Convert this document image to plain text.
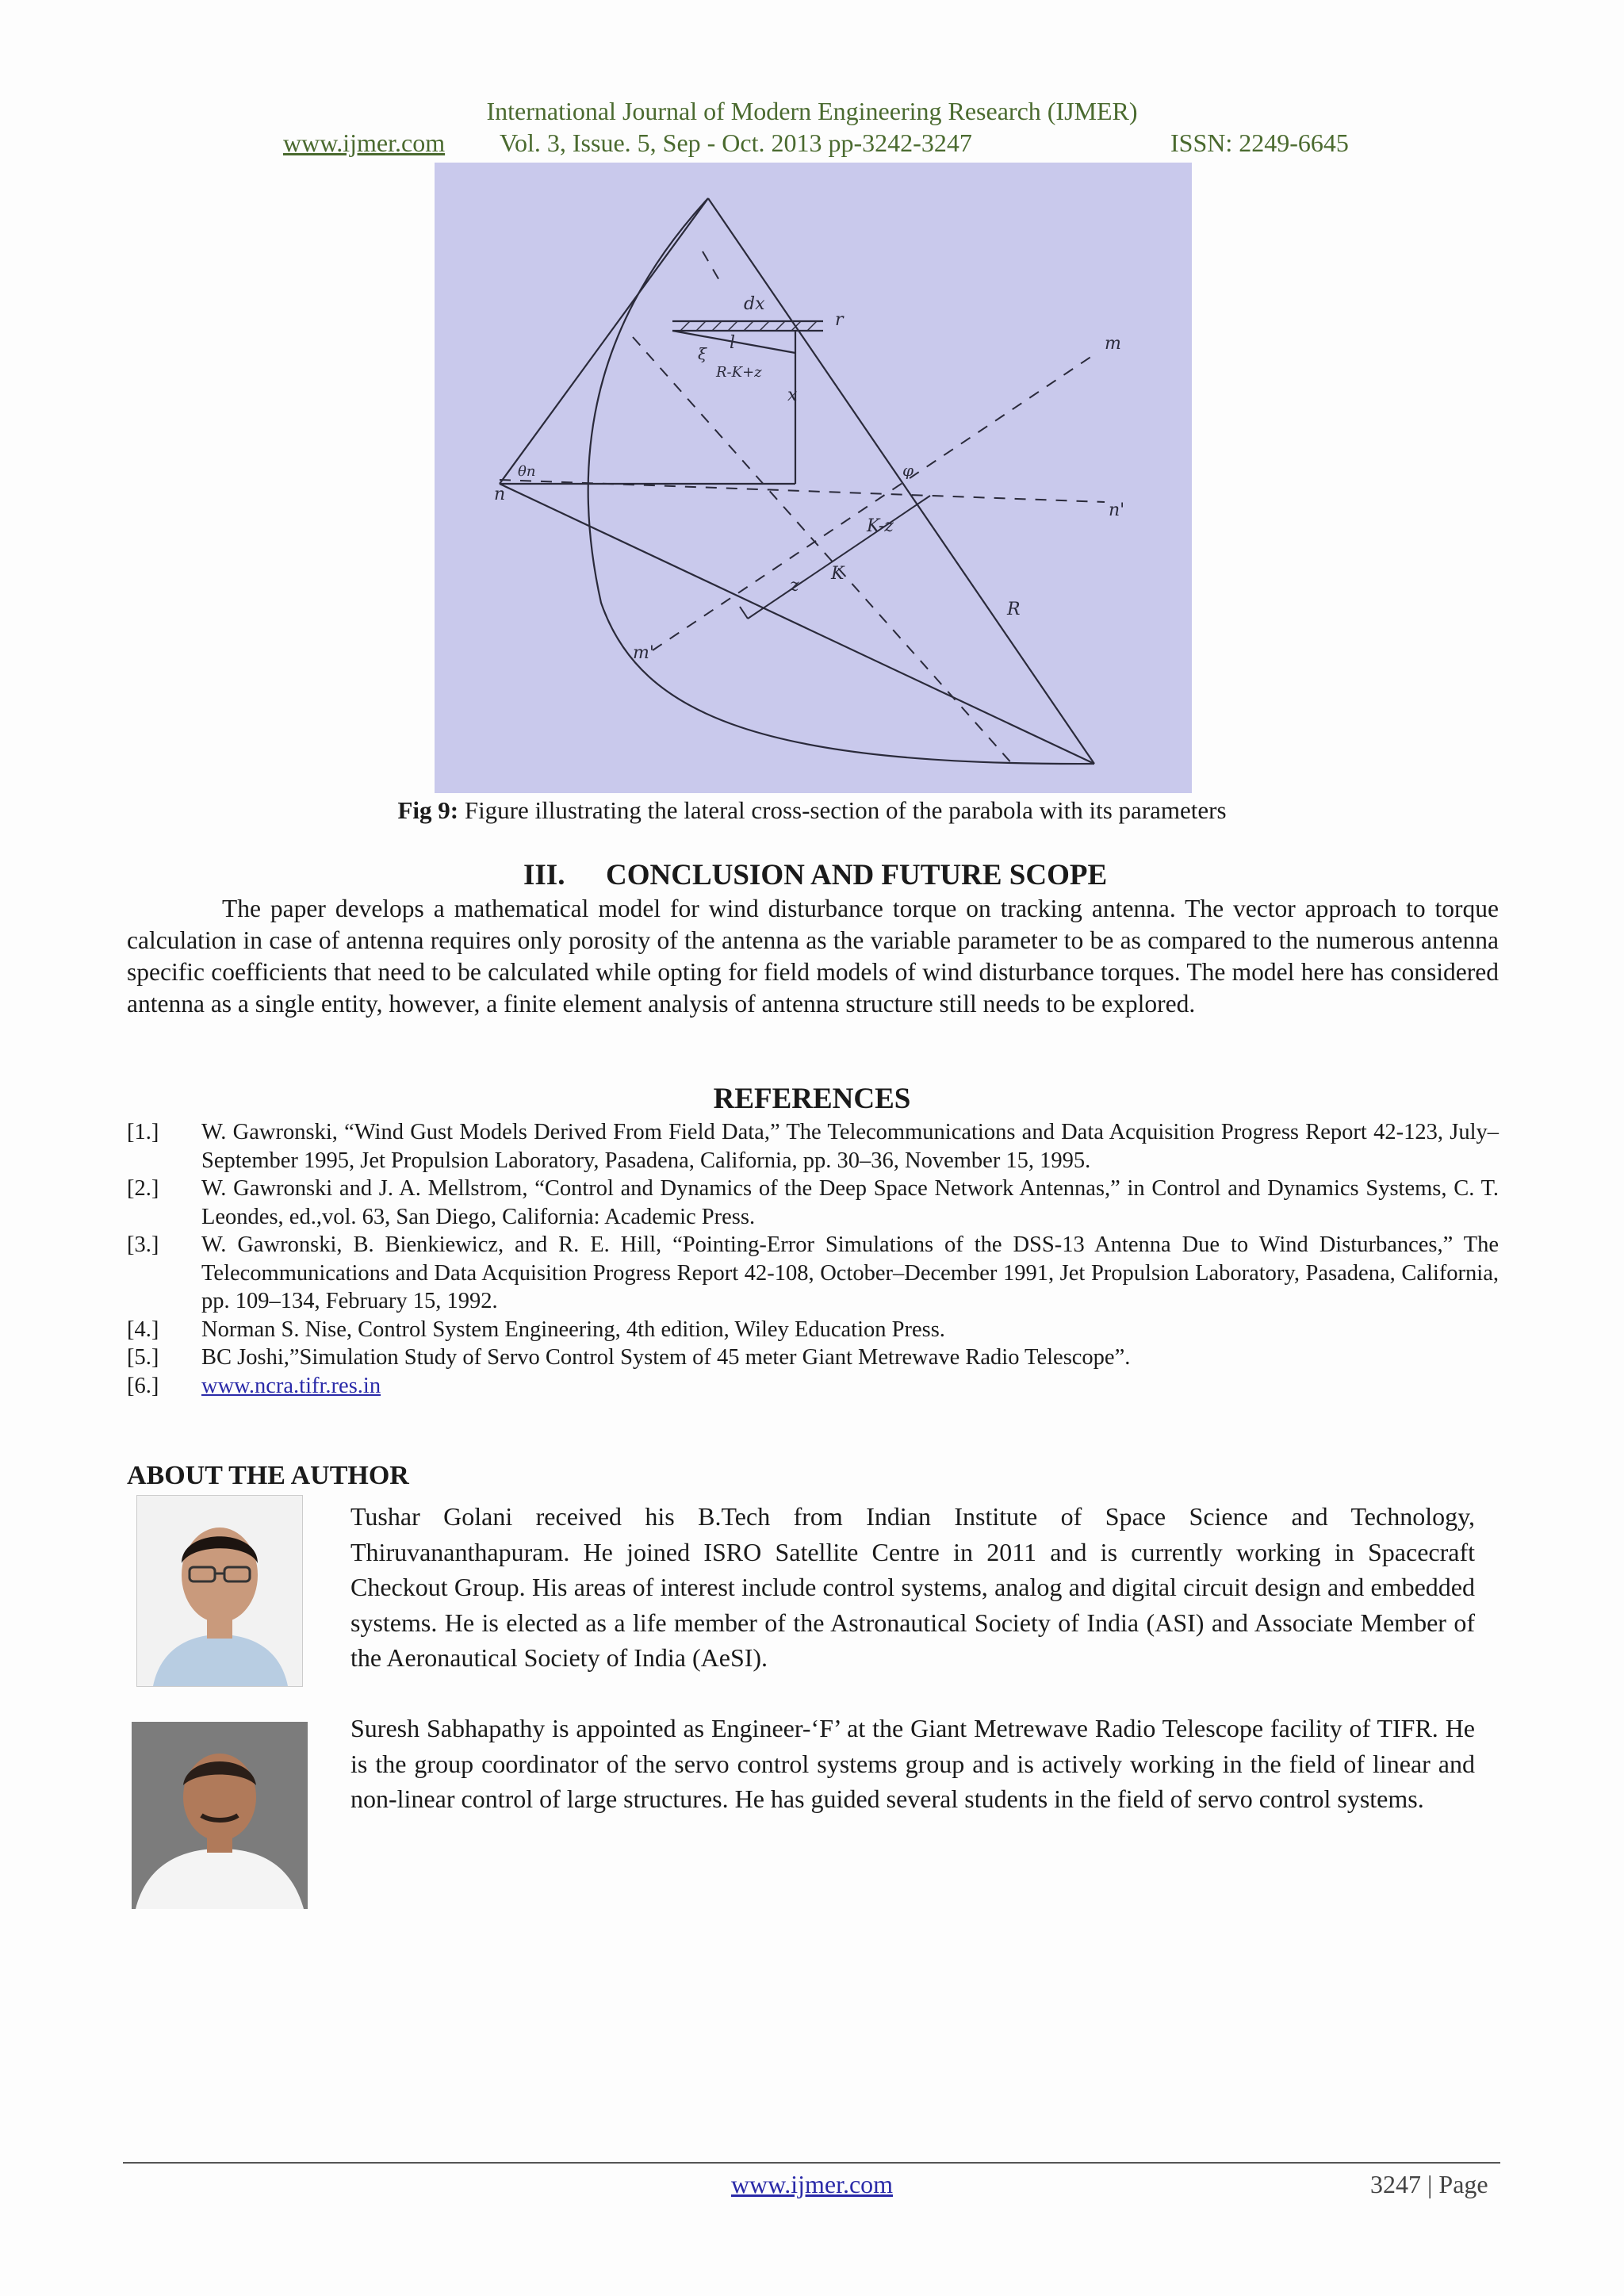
International Journal of Modern Engineering Research (IJMER)
www.ijmer.com Vol. 3, Issue. 5, Sep - Oct. 2013 pp-3242-3247	ISSN: 2249-6645
n
n'
m'
m
R
r
x
l
dx
K
K-z
z
R-K+z
θn	φ
ξ
Fig 9: Figure illustrating the lateral cross-section of the parabola with its parameters
III. CONCLUSION AND FUTURE SCOPE
The paper develops a mathematical model for wind disturbance torque on tracking antenna. The vector approach to torque calculation in case of antenna requires only porosity of the antenna as the variable parameter to be as compared to the numerous antenna specific coefficients that need to be calculated while opting for field models of wind disturbance torques. The model here has considered antenna as a single entity, however, a finite element analysis of antenna structure still needs to be explored.
REFERENCES
[1.] W. Gawronski, “Wind Gust Models Derived From Field Data,” The Telecommunications and Data Acquisition Progress Report 42-123, July–September 1995, Jet Propulsion Laboratory, Pasadena, California, pp. 30–36, November 15, 1995.
[2.] W. Gawronski and J. A. Mellstrom, “Control and Dynamics of the Deep Space Network Antennas,” in Control and Dynamics Systems, C. T. Leondes, ed.,vol. 63, San Diego, California: Academic Press.
[3.] W. Gawronski, B. Bienkiewicz, and R. E. Hill, “Pointing-Error Simulations of the DSS-13 Antenna Due to Wind Disturbances,” The Telecommunications and Data Acquisition Progress Report 42-108, October–December 1991, Jet Propulsion Laboratory, Pasadena, California, pp. 109–134, February 15, 1992.
[4.] Norman S. Nise, Control System Engineering, 4th edition, Wiley Education Press.
[5.] BC Joshi,”Simulation Study of Servo Control System of 45 meter Giant Metrewave Radio Telescope”.
[6.] www.ncra.tifr.res.in
ABOUT THE AUTHOR
Tushar Golani received his B.Tech from Indian Institute of Space Science and Technology, Thiruvananthapuram. He joined ISRO Satellite Centre in 2011 and is currently working in Spacecraft Checkout Group. His areas of interest include control systems, analog and digital circuit design and embedded systems. He is elected as a life member of the Astronautical Society of India (ASI) and Associate Member of the Aeronautical Society of India (AeSI).
Suresh Sabhapathy is appointed as Engineer-‘F’ at the Giant Metrewave Radio Telescope facility of TIFR. He is the group coordinator of the servo control systems group and is actively working in the field of linear and non-linear control of large structures. He has guided several students in the field of servo control systems.
www.ijmer.com	3247 | Page
